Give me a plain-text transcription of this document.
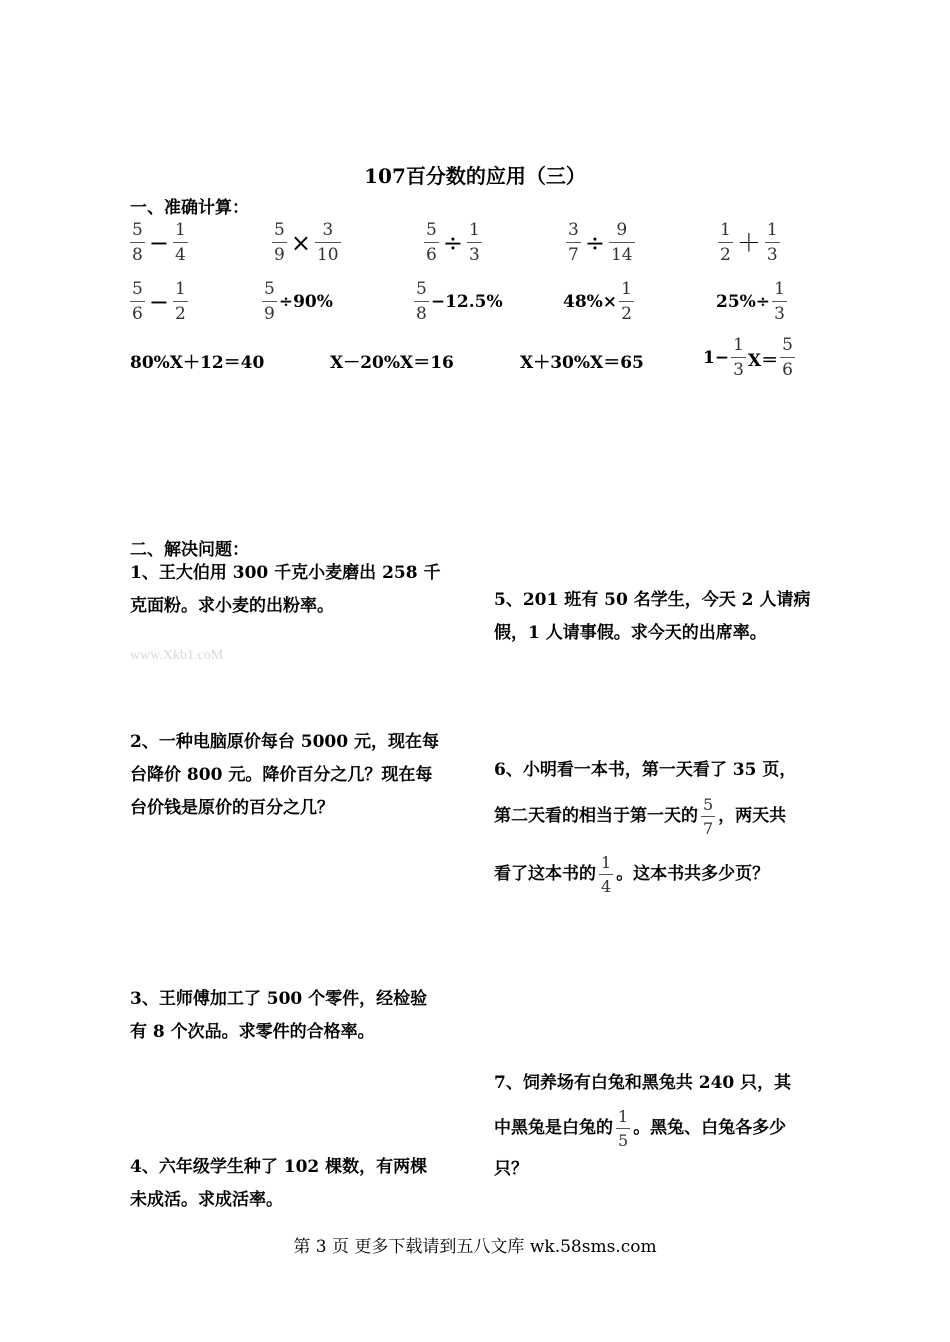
107百分数的应用（三）
一、准确计算：
$\frac{5}{8} - \frac{1}{4}$	$\frac{5}{9} \times \frac{3}{10}$	$\frac{5}{6} \div \frac{1}{3}$	$\frac{3}{7} \div \frac{9}{14}$	$\frac{1}{2} + \frac{1}{3}$
$\frac{5}{6} - \frac{1}{2}$	$\frac{5}{9} \div 90\%$	$\frac{5}{8} -12.5\%$	$48\%\times \frac{1}{2}$	$25\%\div \frac{1}{3}$
80%X＋12＝40	X－20%X＝16	X＋30%X＝65	$1- \frac{1}{3} X= \frac{5}{6}$
二、解决问题：
1、王大伯用 300 千克小麦磨出 258 千
克面粉。求小麦的出粉率。
www.Xkb1.coM
2、一种电脑原价每台 5000 元，现在每
台降价 800 元。降价百分之几？现在每
台价钱是原价的百分之几？
3、王师傅加工了 500 个零件，经检验
有 8 个次品。求零件的合格率。
4、六年级学生种了 102 棵数，有两棵
未成活。求成活率。
5、201 班有 50 名学生，今天 2 人请病
假，1 人请事假。求今天的出席率。
6、小明看一本书，第一天看了 35 页，
第二天看的相当于第一天的 $\frac{5}{7}$ ，两天共
看了这本书的 $\frac{1}{4}$ 。这本书共多少页？
7、饲养场有白兔和黑兔共 240 只，其
中黑兔是白兔的 $\frac{1}{5}$ 。黑兔、白兔各多少
只？
第 3 页 更多下载请到五八文库 wk.58sms.com
